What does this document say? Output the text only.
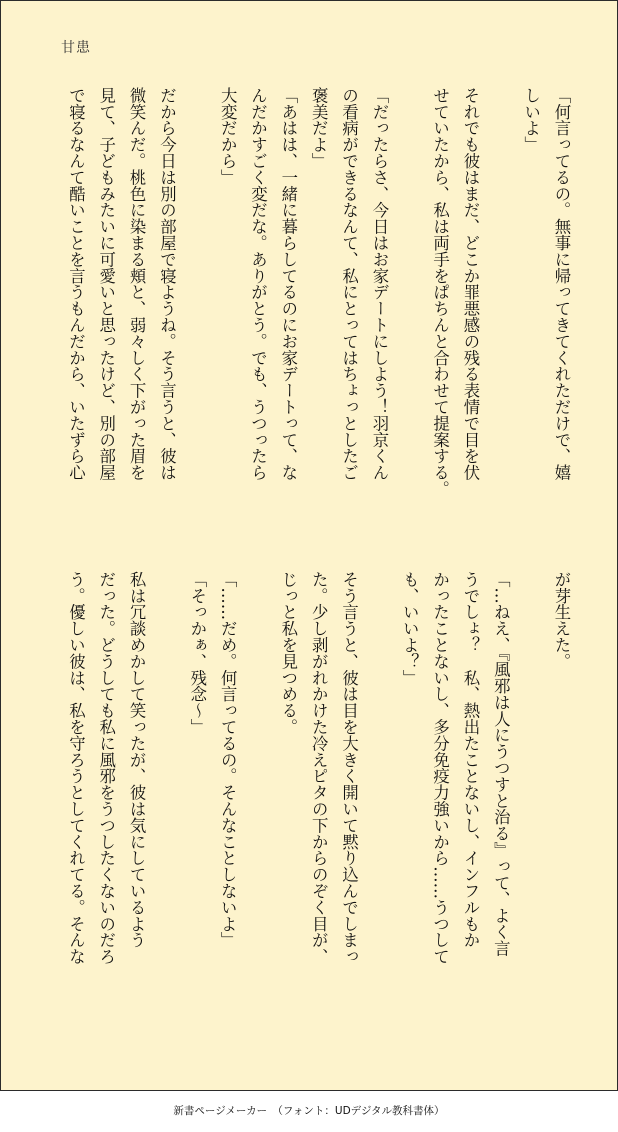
甘患
「何言ってるの。無事に帰ってきてくれただけで、嬉
しいよ」
それでも彼はまだ、どこか罪悪感の残る表情で目を伏
せていたから、私は両手をぱちんと合わせて提案する。
「だったらさ、今日はお家デートにしよう！羽京くん
の看病ができるなんて、私にとってはちょっとしたご
褒美だよ」
「あはは、一緒に暮らしてるのにお家デートって、な
んだかすごく変だな。ありがとう。でも、うつったら
大変だから」
だから今日は別の部屋で寝ようね。そう言うと、彼は
微笑んだ。桃色に染まる頬と、弱々しく下がった眉を
見て、子どもみたいに可愛いと思ったけど、別の部屋
で寝るなんて酷いことを言うもんだから、いたずら心
が芽生えた。
「…ねえ、『風邪は人にうつすと治る』って、よく言
うでしょ？　私、熱出たことないし、インフルもか
かったことないし、多分免疫力強いから……うつして
も、いいよ？」
そう言うと、彼は目を大きく開いて黙り込んでしまっ
た。少し剥がれかけた冷えピタの下からのぞく目が、
じっと私を見つめる。
「……だめ。何言ってるの。そんなことしないよ」
「そっかぁ、残念～」
私は冗談めかして笑ったが、彼は気にしているよう
だった。どうしても私に風邪をうつしたくないのだろ
う。優しい彼は、私を守ろうとしてくれてる。そんな
新書ページメーカー　（フォント：UDデジタル教科書体）
